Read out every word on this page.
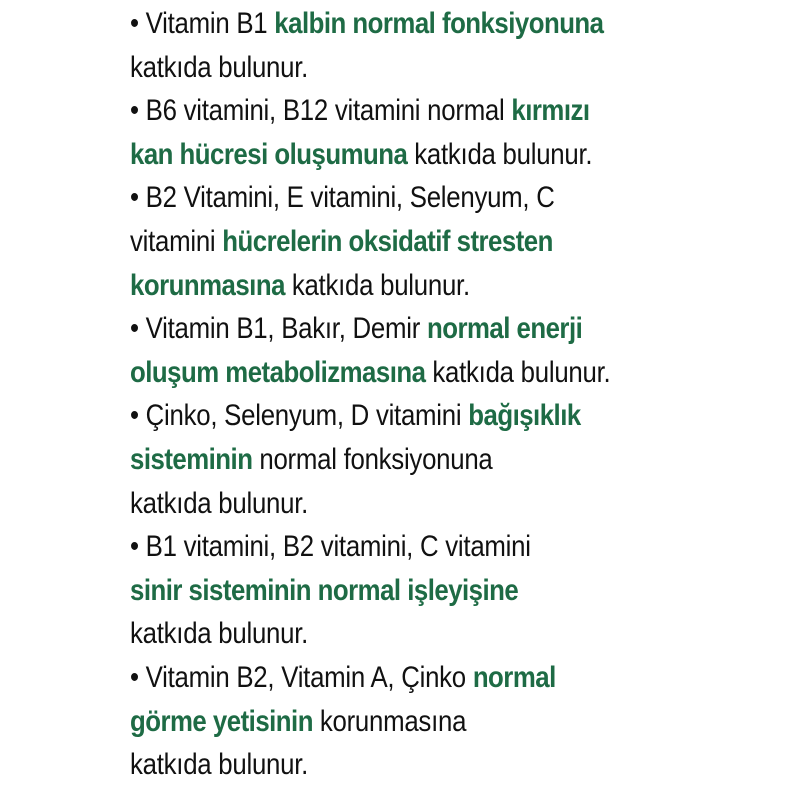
• Vitamin B1 kalbin normal fonksiyonuna
katkıda bulunur.
• B6 vitamini, B12 vitamini normal kırmızı
kan hücresi oluşumuna katkıda bulunur.
• B2 Vitamini, E vitamini, Selenyum, C
vitamini hücrelerin oksidatif stresten
korunmasına katkıda bulunur.
• Vitamin B1, Bakır, Demir normal enerji
oluşum metabolizmasına katkıda bulunur.
• Çinko, Selenyum, D vitamini bağışıklık
sisteminin normal fonksiyonuna
katkıda bulunur.
• B1 vitamini, B2 vitamini, C vitamini
sinir sisteminin normal işleyişine
katkıda bulunur.
• Vitamin B2, Vitamin A, Çinko normal
görme yetisinin korunmasına
katkıda bulunur.
